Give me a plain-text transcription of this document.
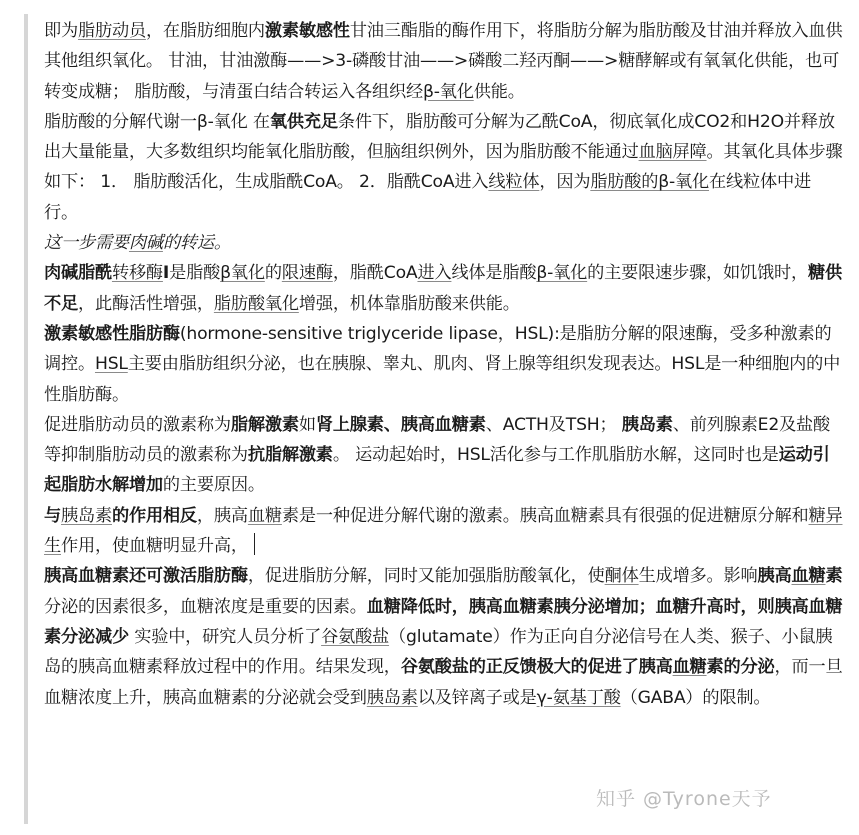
即为脂肪动员，在脂肪细胞内激素敏感性甘油三酯脂的酶作用下，将脂肪分解为脂肪酸及甘油并释放入血供其他组织氧化。 甘油，甘油激酶——>3-磷酸甘油——>磷酸二羟丙酮——>糖酵解或有氧氧化供能，也可转变成糖； 脂肪酸，与清蛋白结合转运入各组织经β-氧化供能。

脂肪酸的分解代谢一β-氧化 在氧供充足条件下，脂肪酸可分解为乙酰CoA，彻底氧化成CO2和H2O并释放出大量能量，大多数组织均能氧化脂肪酸，但脑组织例外，因为脂肪酸不能通过血脑屏障。其氧化具体步骤如下： 1． 脂肪酸活化，生成脂酰CoA。 2．脂酰CoA进入线粒体，因为脂肪酸的β-氧化在线粒体中进行。

这一步需要肉碱的转运。

肉碱脂酰转移酶I是脂酸β氧化的限速酶，脂酰CoA进入线体是脂酸β-氧化的主要限速步骤，如饥饿时，糖供不足，此酶活性增强，脂肪酸氧化增强，机体靠脂肪酸来供能。

激素敏感性脂肪酶(hormone-sensitive triglyceride lipase，HSL):是脂肪分解的限速酶，受多种激素的调控。HSL主要由脂肪组织分泌，也在胰腺、睾丸、肌肉、肾上腺等组织发现表达。HSL是一种细胞内的中性脂肪酶。

促进脂肪动员的激素称为脂解激素如肾上腺素、胰高血糖素、ACTH及TSH； 胰岛素、前列腺素E2及盐酸等抑制脂肪动员的激素称为抗脂解激素。 运动起始时，HSL活化参与工作肌脂肪水解，这同时也是运动引起脂肪水解增加的主要原因。

与胰岛素的作用相反，胰高血糖素是一种促进分解代谢的激素。胰高血糖素具有很强的促进糖原分解和糖异生作用，使血糖明显升高，

胰高血糖素还可激活脂肪酶，促进脂肪分解，同时又能加强脂肪酸氧化，使酮体生成增多。影响胰高血糖素分泌的因素很多，血糖浓度是重要的因素。血糖降低时，胰高血糖素胰分泌增加；血糖升高时，则胰高血糖素分泌减少 实验中，研究人员分析了谷氨酸盐（glutamate）作为正向自分泌信号在人类、猴子、小鼠胰岛的胰高血糖素释放过程中的作用。结果发现，谷氨酸盐的正反馈极大的促进了胰高血糖素的分泌，而一旦血糖浓度上升，胰高血糖素的分泌就会受到胰岛素以及锌离子或是γ-氨基丁酸（GABA）的限制。

知乎 @Tyrone天予
